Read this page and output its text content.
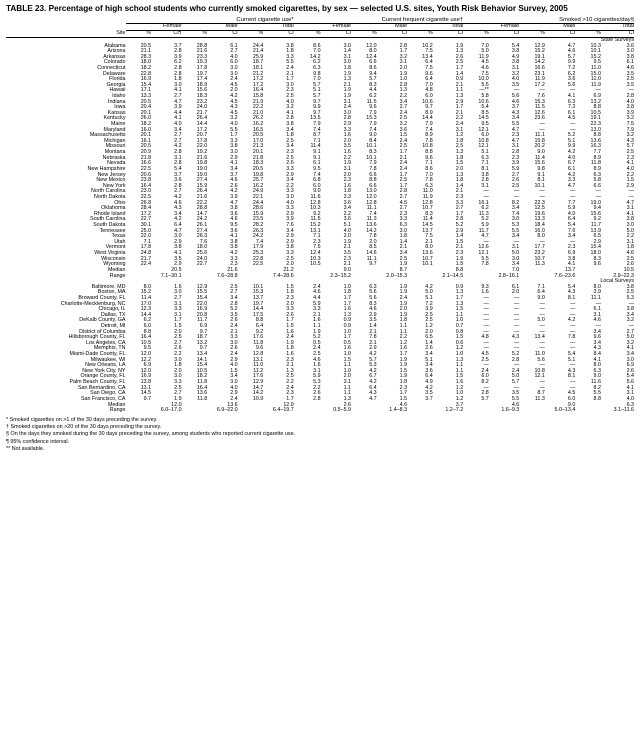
TABLE 23. Percentage of high school students who currently smoked cigarettes, by sex — selected U.S. sites, Youth Risk Behavior Survey, 2005
	Current cigarette use*						Current frequent cigarette use†						Smoked >10 cigarettes/day§					
	Female		Male		Total		Female		Male		Total		Female		Male		Total	
Site	%	CI¶	%	CI	%	CI	%	CI	%	CI	%	CI	%	CI	%	CI	%	CI
State Surveys																		
Alabama	20.5	3.7	28.8	6.1	24.4	3.8	8.6	3.0	12.0	2.8	10.2	1.9	7.0	5.4	12.9	4.7	10.3	3.6
Arizona	21.1	2.8	21.6	2.7	21.4	1.8	7.0	1.4	8.0	1.7	7.5	1.3	5.0	3.8	15.2	4.6	10.1	3.0
Arkansas	28.3	3.9	23.3	4.0	25.9	3.3	14.2	3.1	12.4	3.2	13.4	2.6	11.9	4.9	19.1	5.7	15.2	3.8
Colorado	18.0	6.2	19.3	6.0	18.7	5.5	6.2	3.0	6.6	3.1	6.4	2.5	4.5	3.8	14.2	9.9	9.5	6.1
Connecticut	18.2	2.8	17.8	3.0	18.1	2.4	6.3	1.8	8.6	2.0	7.5	1.7	4.6	3.1	16.6	7.2	11.0	4.6
Delaware	22.8	2.8	19.7	3.0	21.2	2.1	9.8	1.9	9.4	1.9	9.6	1.4	7.5	3.2	23.1	6.2	15.0	3.5
Florida	16.9	1.8	17.4	2.4	17.2	1.7	7.0	1.3	5.7	1.0	6.4	0.9	10.0	4.0	11.9	3.6	11.0	2.5
Georgia	15.4	3.0	18.9	4.5	17.2	3.0	5.7	2.1	8.3	2.8	7.0	2.1	5.5	3.5	17.2	5.6	11.9	3.5
Hawaii	17.1	4.1	15.6	2.0	16.4	2.3	5.1	1.9	4.4	1.3	4.8	1.1	—**	—	—	—	—	—
Idaho	13.3	2.7	18.3	4.2	15.8	2.5	5.7	1.9	6.2	2.2	6.0	1.3	5.8	5.6	7.6	4.1	6.9	2.8
Indiana	20.5	4.7	23.2	4.5	21.9	4.0	9.7	3.1	11.5	3.4	10.6	2.9	10.6	4.6	15.3	6.3	13.2	4.0
Iowa	20.4	3.9	24.0	4.3	22.2	3.2	9.9	2.4	9.6	2.7	9.7	1.7	5.4	3.7	11.5	7.3	8.8	3.8
Kansas	20.1	4.4	21.7	4.5	21.0	4.1	9.7	3.0	7.9	2.4	8.9	2.1	8.5	4.3	12.6	6.1	10.5	3.9
Kentucky	26.0	4.1	26.4	3.2	26.2	2.8	13.5	2.8	15.3	2.5	14.4	2.2	14.5	3.4	23.6	4.5	19.1	3.2
Maine	18.2	4.0	14.4	4.0	16.2	3.8	7.9	2.9	7.9	3.2	7.9	2.4	9.5	5.5	—	—	22.3	7.5
Maryland	16.0	3.4	17.2	5.5	16.5	3.4	7.4	3.3	7.4	3.6	7.4	3.1	12.1	4.7	—	—	13.0	7.9
Massachusetts	20.1	2.7	20.7	1.7	20.5	1.8	8.7	1.6	9.0	1.5	8.9	1.2	6.0	2.3	11.1	5.2	8.8	3.2
Michigan	16.1	2.7	17.8	3.3	17.0	2.5	7.1	2.0	8.4	2.4	7.8	1.8	10.8	4.7	15.8	5.1	13.6	4.3
Missouri	20.5	4.2	22.0	3.8	21.3	3.4	11.4	3.5	10.1	2.5	10.8	2.5	12.1	3.1	20.2	9.9	16.3	5.7
Montana	20.9	2.8	19.2	3.0	20.1	2.3	9.1	1.6	8.3	1.7	8.8	1.3	5.1	2.8	9.0	4.2	7.7	2.5
Nebraska	21.8	3.1	21.6	2.9	21.8	2.5	9.1	2.2	10.1	2.1	9.6	1.8	6.3	2.3	11.4	4.0	8.9	2.3
Nevada	16.6	2.8	19.8	4.1	18.3	2.6	6.1	1.9	7.9	2.4	7.1	1.5	7.1	3.9	15.6	6.7	11.8	4.1
New Hampshire	22.5	5.4	19.0	3.4	20.5	3.3	9.5	3.1	7.8	2.4	8.6	2.0	8.1	5.9	9.8	6.1	8.9	4.0
New Jersey	20.6	3.7	19.0	3.7	19.8	2.9	7.4	2.0	6.6	1.7	7.0	1.3	3.8	2.7	9.1	4.2	6.3	2.2
New Mexico	23.8	3.6	27.4	4.6	25.7	3.4	6.8	2.3	8.8	2.5	7.8	1.8	2.8	2.6	8.1	3.3	5.8	1.5
New York	16.4	2.8	15.9	2.6	16.2	2.2	6.0	1.6	6.6	1.7	6.3	1.4	3.1	2.5	10.1	4.7	6.6	2.9
North Carolina	23.0	2.7	26.4	4.2	24.9	3.3	9.0	1.8	13.0	2.8	11.0	2.1	—	—	—	—	—	—
North Dakota	22.5	4.2	21.6	3.9	22.1	3.0	11.6	3.3	12.0	2.7	11.9	2.3	—	—	—	—	—	—
Ohio	26.8	4.6	22.2	4.7	24.4	4.0	12.8	3.6	12.8	4.5	12.8	3.3	16.1	8.2	22.3	7.7	19.0	4.7
Oklahoma	28.4	4.3	28.8	3.8	28.6	3.3	10.3	3.4	11.1	2.7	10.7	2.7	6.2	3.4	12.5	5.9	9.4	3.1
Rhode Island	17.2	3.4	14.7	3.6	15.9	2.9	9.2	2.2	7.4	2.3	8.3	1.7	11.3	7.4	19.6	4.0	15.6	4.1
South Carolina	22.7	4.2	24.2	4.6	23.5	3.9	11.5	3.6	11.3	3.3	11.4	2.8	5.2	3.0	13.3	6.4	9.2	3.8
South Dakota	30.1	6.4	26.1	9.5	28.2	7.6	15.2	5.1	13.6	6.3	14.5	5.2	5.9	5.3	18.4	5.4	11.7	3.0
Tennessee	25.0	4.7	27.4	3.6	26.3	3.4	13.1	4.0	14.2	3.0	13.7	2.9	11.7	5.5	16.0	7.6	13.9	5.0
Texas	22.0	3.0	26.3	4.1	24.2	2.9	7.1	2.0	7.8	1.8	7.5	1.4	4.7	3.4	8.0	3.4	6.5	2.2
Utah	7.1	2.9	7.6	3.8	7.4	2.9	2.3	1.9	2.0	1.4	2.1	1.5	—	—	—	—	2.9	3.1
Vermont	17.8	3.8	18.0	3.8	17.9	3.8	7.5	2.1	8.5	2.1	8.0	2.1	12.6	3.1	17.7	2.3	15.4	1.8
West Virginia	24.8	4.1	25.6	4.2	25.3	3.3	12.4	3.5	14.6	3.4	13.6	2.3	12.1	5.0	23.2	6.9	18.0	4.6
Wisconsin	21.7	3.5	24.0	3.3	22.8	2.5	10.3	2.3	11.1	2.5	10.7	1.9	5.5	3.0	10.7	3.8	8.3	2.5
Wyoming	22.4	2.9	22.7	2.3	22.5	2.0	10.5	2.1	9.7	1.9	10.1	1.5	7.8	3.4	11.3	4.1	9.6	2.6
Median	20.5		21.6		21.2		9.0		8.7		8.8		7.0		13.7		10.5	
Range	7.1–30.1		7.6–28.8		7.4–28.6		2.3–15.2		2.0–15.3		2.1–14.5		2.8–16.1		7.6–23.6		2.9–22.3	
Local Surveys																		
Baltimore, MD	8.0	1.6	12.9	2.5	10.1	1.5	2.4	1.0	6.3	1.9	4.2	0.9	9.3	6.1	7.1	5.4	8.0	3.8
Boston, MA	15.2	3.0	15.5	2.7	15.3	1.8	4.6	1.8	5.6	1.9	5.0	1.3	1.6	2.0	6.4	4.3	3.9	2.5
Broward County, FL	11.4	2.7	15.4	3.4	13.7	2.3	4.4	1.7	5.6	2.4	5.1	1.7	—	—	9.0	8.1	11.1	5.3
Charlotte-Mecklenburg, NC	17.0	3.1	22.0	2.8	19.7	2.0	5.9	1.7	8.3	1.9	7.2	1.3	—	—	—	—	—	—
Chicago, IL	12.3	3.3	16.9	5.2	14.4	3.3	3.3	1.6	4.6	2.0	3.9	1.5	—	—	—	—	6.1	3.8
Dallas, TX	14.4	3.1	20.8	3.5	17.5	2.6	2.1	1.3	2.9	1.9	2.5	1.1	—	—	—	—	3.1	3.4
DeKalb County, GA	6.2	1.7	11.7	2.6	8.8	1.7	1.6	0.9	3.5	1.8	2.5	1.0	—	—	5.0	4.2	4.6	3.2
Detroit, MI	6.0	1.5	6.9	2.4	6.4	1.5	1.1	0.9	1.4	1.1	1.2	0.7	—	—	—	—	—	—
District of Columbia	8.8	2.0	9.7	2.1	9.2	1.6	1.9	1.0	2.1	1.1	2.0	0.8	—	—	—	—	3.4	2.7
Hillsborough County, FL	16.4	2.5	18.7	3.3	17.6	2.4	5.2	1.7	7.8	2.2	6.5	1.5	4.8	4.3	13.4	7.8	9.6	5.0
Los Angeles, CA	10.5	2.7	13.2	3.0	11.8	1.9	0.5	0.5	2.1	1.2	1.4	0.6	—	—	—	—	3.4	3.2
Memphis, TN	9.5	2.6	9.7	2.6	9.6	1.8	2.4	1.6	2.9	1.6	2.6	1.2	—	—	—	—	4.3	4.1
Miami-Dade County, FL	12.0	2.2	13.4	2.4	12.8	1.6	2.5	1.0	4.2	1.7	3.4	1.0	4.5	5.2	11.0	5.4	8.4	3.4
Milwaukee, WI	12.2	3.0	14.1	2.9	13.1	2.3	4.6	1.5	5.7	1.9	5.1	1.3	2.5	2.8	5.6	5.1	4.1	3.0
New Orleans, LA	6.9	1.8	15.4	4.0	11.0	2.1	1.6	1.1	5.3	1.9	3.4	1.1	—	—	—	—	8.0	6.9
New York City, NY	12.0	2.0	10.5	1.5	11.2	1.3	3.1	1.0	4.2	1.5	3.6	1.1	2.4	2.4	10.8	4.3	6.3	2.6
Orange County, FL	16.9	3.0	18.2	3.4	17.6	2.5	5.9	2.0	6.7	1.9	6.4	1.5	6.0	5.0	12.1	8.1	9.0	5.4
Palm Beach County, FL	13.8	3.3	11.8	3.0	12.9	2.2	5.3	3.1	4.2	1.8	4.9	1.6	8.2	5.7	—	—	11.6	5.6
San Bernardino, CA	13.1	2.5	16.4	4.0	14.7	2.4	2.2	1.1	6.4	2.3	4.2	1.2	—	—	—	—	8.2	4.1
San Diego, CA	14.5	2.7	13.6	2.9	14.2	2.3	2.6	1.1	4.3	1.7	3.5	1.0	2.8	3.5	8.7	4.5	5.5	3.1
San Francisco, CA	9.7	1.9	11.8	2.4	10.9	1.7	2.8	1.3	4.7	1.5	3.7	1.2	5.7	5.5	11.3	6.0	8.8	4.0
Median	12.0		13.6		12.9		2.6		4.6		3.7		4.6		9.0		6.3	
Range	6.0–17.0		6.9–22.0		6.4–19.7		0.5–5.9		1.4–8.3		1.2–7.2		1.6–9.3		5.0–13.4		3.1–11.6	
* Smoked cigarettes on >1 of the 30 days preceding the survey.
† Smoked cigarettes on >20 of the 30 days preceding the survey.
§ On the days they smoked during the 30 days preceding the survey, among students who reported current cigarette use.
¶ 95% confidence interval.
** Not available.
